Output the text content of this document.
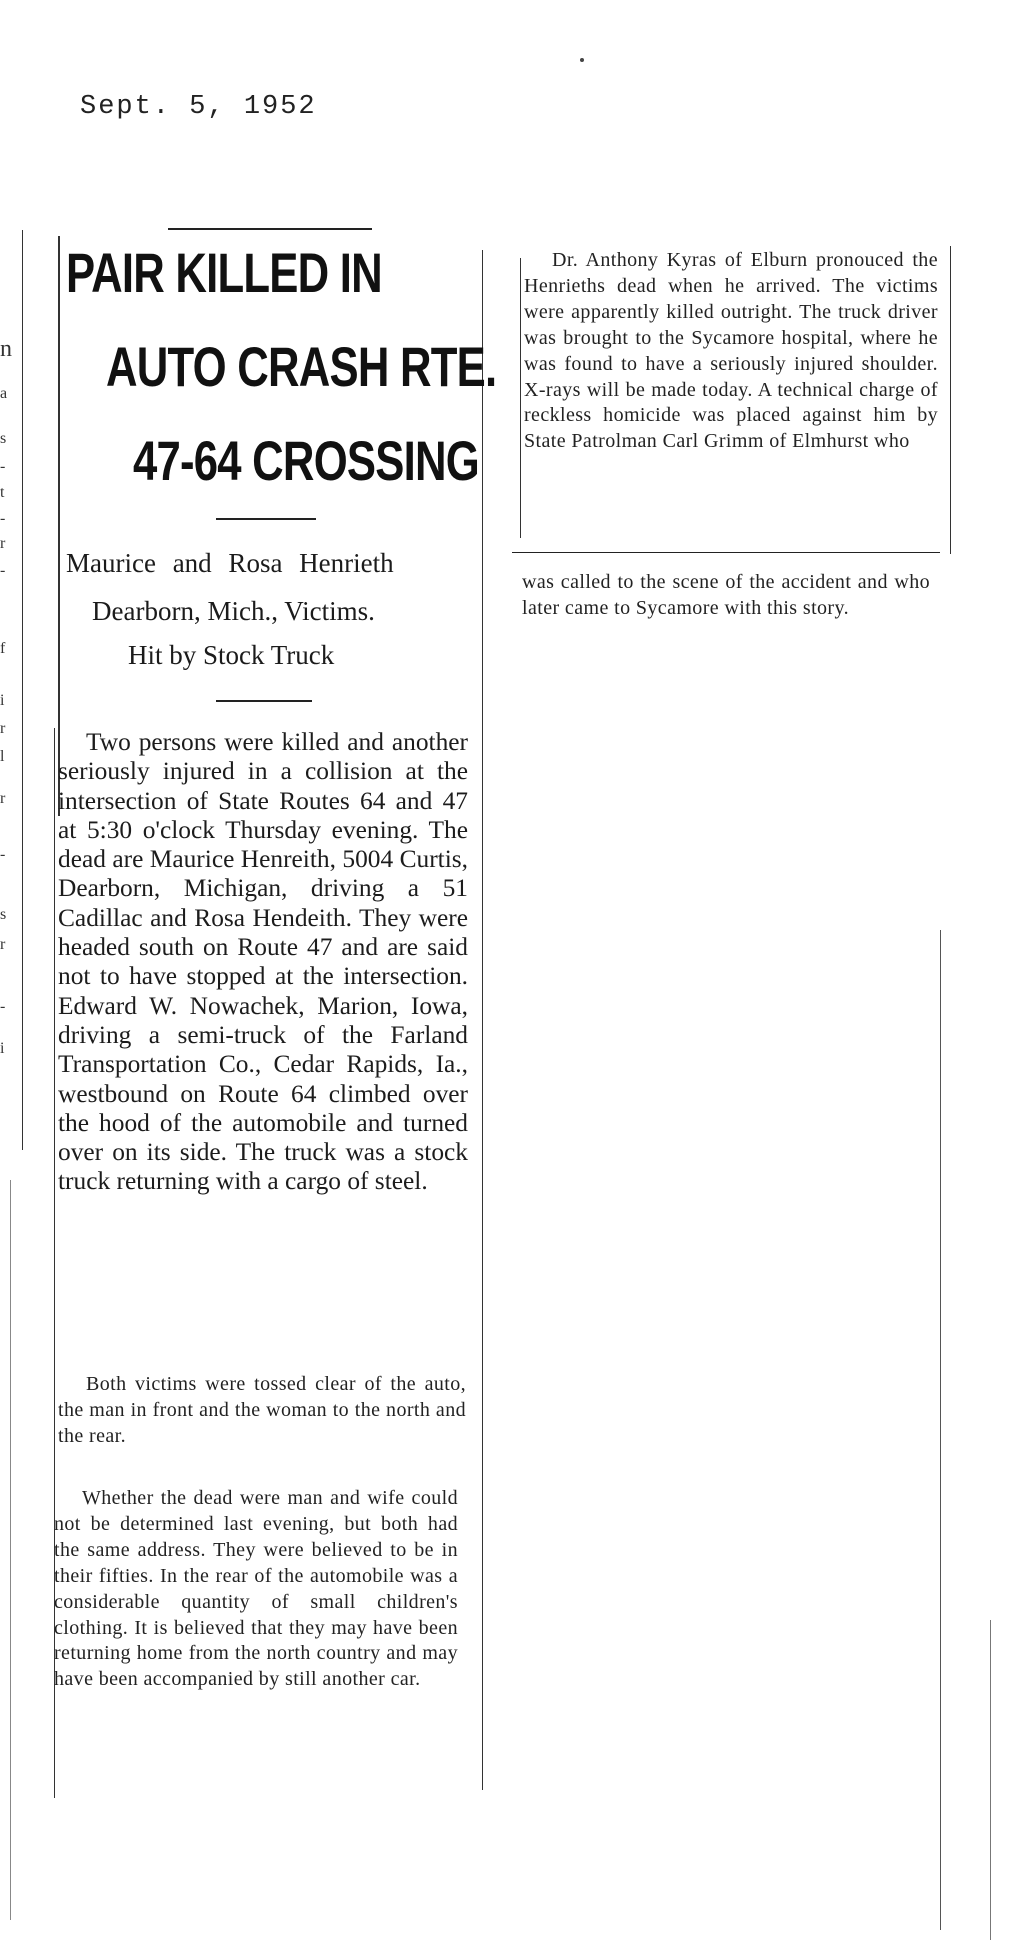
Sept. 5, 1952
n
a
s
-
t
-
r
-
f
i
r
l
r
-
s
r
-
i
PAIR KILLED IN
AUTO CRASH RTE.
47-64 CROSSING
Maurice and Rosa Henrieth
Dearborn, Mich., Victims.
Hit by Stock Truck

Two persons were killed and another seriously injured in a collision at the intersection of State Routes 64 and 47 at 5:30 o'clock Thursday evening. The dead are Maurice Henreith, 5004 Curtis, Dearborn, Michigan, driving a 51 Cadillac and Rosa Hendeith. They were headed south on Route 47 and are said not to have stopped at the intersection. Edward W. Nowachek, Marion, Iowa, driving a semi-truck of the Farland Transportation Co., Cedar Rapids, Ia., westbound on Route 64 climbed over the hood of the automobile and turned over on its side. The truck was a stock truck returning with a cargo of steel.

Both victims were tossed clear of the auto, the man in front and the woman to the north and the rear.

Whether the dead were man and wife could not be determined last evening, but both had the same address. They were believed to be in their fifties. In the rear of the automobile was a considerable quantity of small children's clothing. It is believed that they may have been returning home from the north country and may have been accompanied by still another car.

Dr. Anthony Kyras of Elburn pronouced the Henrieths dead when he arrived. The victims were apparently killed outright. The truck driver was brought to the Sycamore hospital, where he was found to have a seriously injured shoulder. X-rays will be made today. A technical charge of reckless homicide was placed against him by State Patrolman Carl Grimm of Elmhurst who

was called to the scene of the accident and who later came to Sycamore with this story.
